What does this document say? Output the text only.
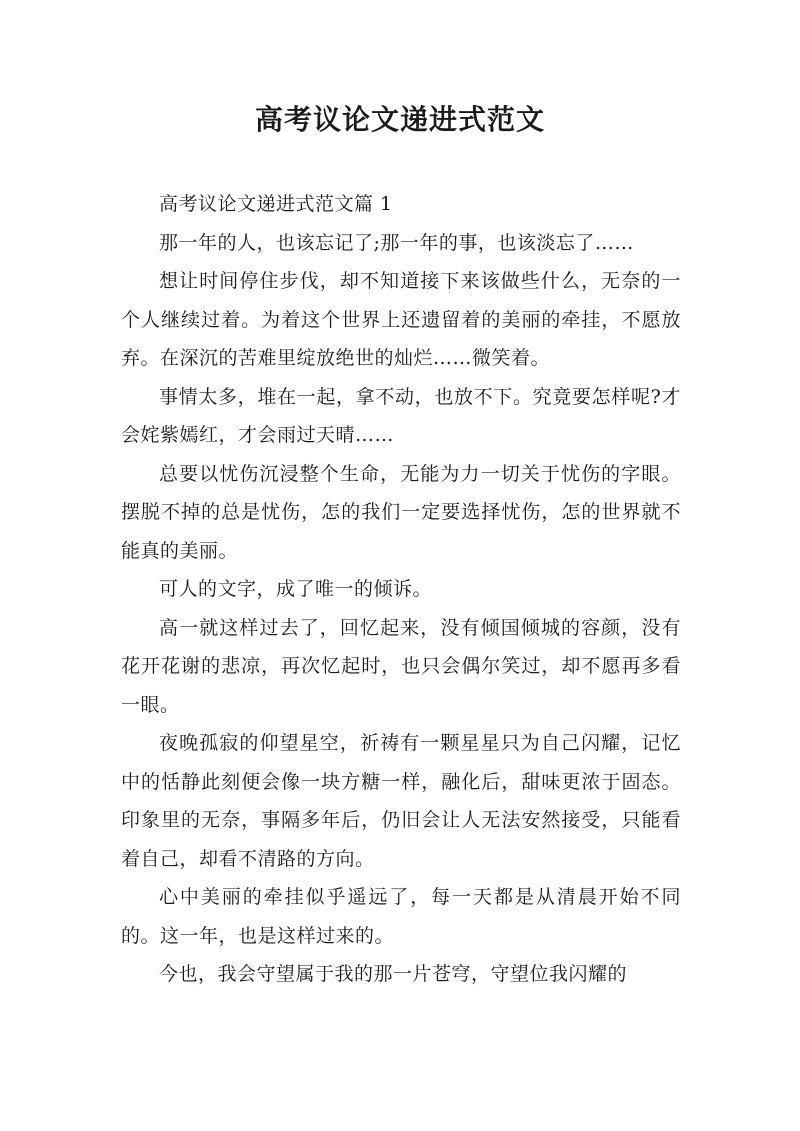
高考议论文递进式范文

高考议论文递进式范文篇 1

那一年的人，也该忘记了;那一年的事，也该淡忘了……

想让时间停住步伐，却不知道接下来该做些什么，无奈的一个人继续过着。为着这个世界上还遗留着的美丽的牵挂，不愿放弃。在深沉的苦难里绽放绝世的灿烂……微笑着。

事情太多，堆在一起，拿不动，也放不下。究竟要怎样呢?才会姹紫嫣红，才会雨过天晴……

总要以忧伤沉浸整个生命，无能为力一切关于忧伤的字眼。摆脱不掉的总是忧伤，怎的我们一定要选择忧伤，怎的世界就不能真的美丽。

可人的文字，成了唯一的倾诉。

高一就这样过去了，回忆起来，没有倾国倾城的容颜，没有花开花谢的悲凉，再次忆起时，也只会偶尔笑过，却不愿再多看一眼。

夜晚孤寂的仰望星空，祈祷有一颗星星只为自己闪耀，记忆中的恬静此刻便会像一块方糖一样，融化后，甜味更浓于固态。印象里的无奈，事隔多年后，仍旧会让人无法安然接受，只能看着自己，却看不清路的方向。

心中美丽的牵挂似乎遥远了，每一天都是从清晨开始不同的。这一年，也是这样过来的。

今也，我会守望属于我的那一片苍穹，守望位我闪耀的
